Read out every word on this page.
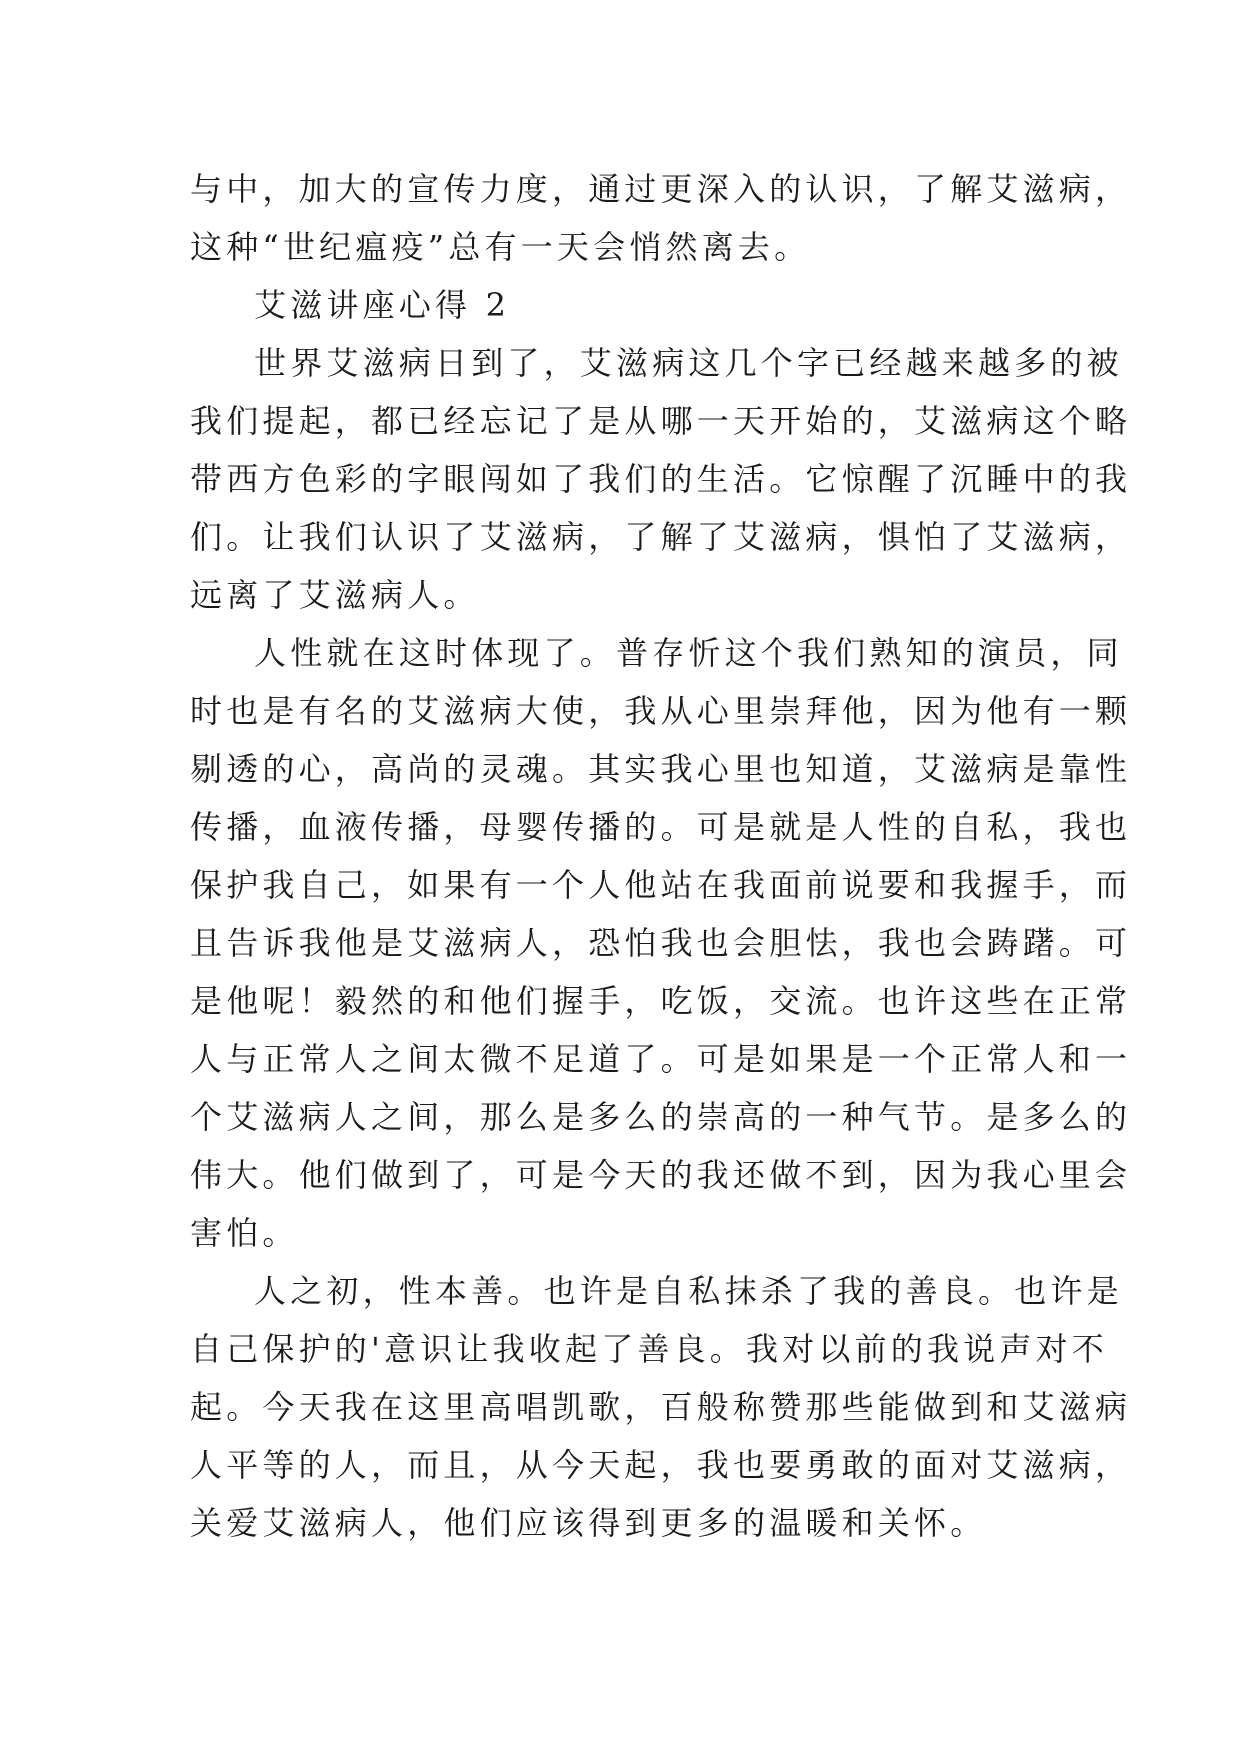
与中，加大的宣传力度，通过更深入的认识，了解艾滋病，
这种“世纪瘟疫”总有一天会悄然离去。
艾滋讲座心得 2
世界艾滋病日到了，艾滋病这几个字已经越来越多的被
我们提起，都已经忘记了是从哪一天开始的，艾滋病这个略
带西方色彩的字眼闯如了我们的生活。它惊醒了沉睡中的我
们。让我们认识了艾滋病，了解了艾滋病，惧怕了艾滋病，
远离了艾滋病人。
人性就在这时体现了。普存忻这个我们熟知的演员，同
时也是有名的艾滋病大使，我从心里崇拜他，因为他有一颗
剔透的心，高尚的灵魂。其实我心里也知道，艾滋病是靠性
传播，血液传播，母婴传播的。可是就是人性的自私，我也
保护我自己，如果有一个人他站在我面前说要和我握手，而
且告诉我他是艾滋病人，恐怕我也会胆怯，我也会踌躇。可
是他呢！毅然的和他们握手，吃饭，交流。也许这些在正常
人与正常人之间太微不足道了。可是如果是一个正常人和一
个艾滋病人之间，那么是多么的崇高的一种气节。是多么的
伟大。他们做到了，可是今天的我还做不到，因为我心里会
害怕。
人之初，性本善。也许是自私抹杀了我的善良。也许是
自己保护的'意识让我收起了善良。我对以前的我说声对不
起。今天我在这里高唱凯歌，百般称赞那些能做到和艾滋病
人平等的人，而且，从今天起，我也要勇敢的面对艾滋病，
关爱艾滋病人，他们应该得到更多的温暖和关怀。
